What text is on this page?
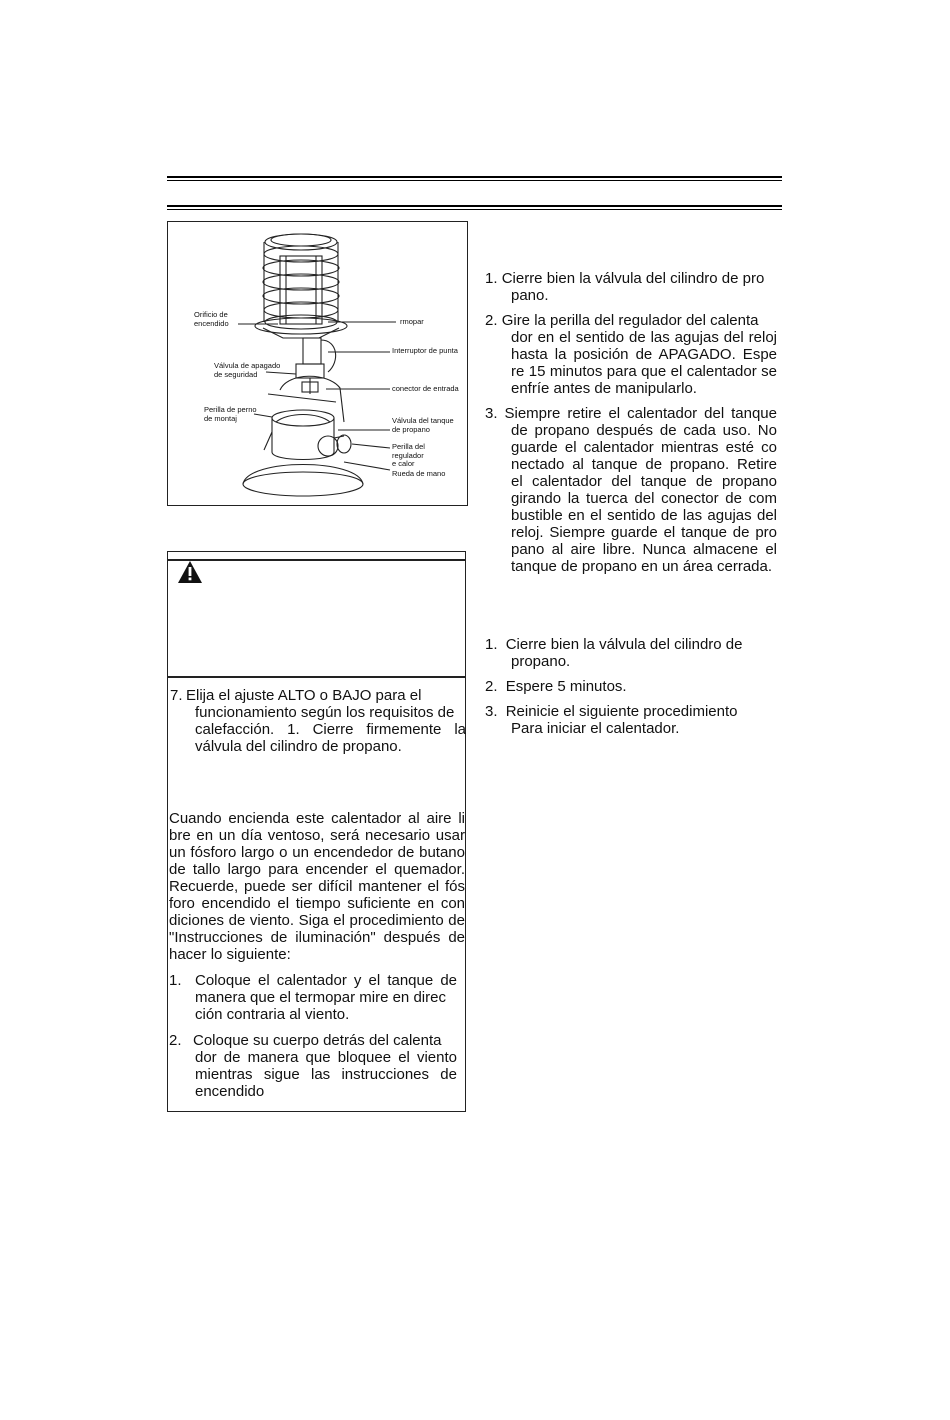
Orificio de
encendido	rmopar
Interruptor de punta
Válvula de apagado
de seguridad
conector de entrada
Perilla de perno
de montaj	Válvula del tanque
de propano
Perilla del
regulador
e calor
Rueda de mano
7. Elija el ajuste ALTO o BAJO para el
funcionamiento según los requisitos de
calefacción. 1. Cierre firmemente la
válvula del cilindro de propano.
Cuando encienda este calentador al aire li
bre en un día ventoso, será necesario usar
un fósforo largo o un encendedor de butano
de tallo largo para encender el quemador.
Recuerde, puede ser difícil mantener el fós
foro encendido el tiempo suficiente en con
diciones de viento. Siga el procedimiento de
"Instrucciones de iluminación" después de
hacer lo siguiente:
1. Coloque el calentador y el tanque de
manera que el termopar mire en direc
ción contraria al viento.
2. Coloque su cuerpo detrás del calenta
dor de manera que bloquee el viento
mientras sigue las instrucciones de
encendido
1. Cierre bien la válvula del cilindro de pro
pano.
2. Gire la perilla del regulador del calenta
dor en el sentido de las agujas del reloj
hasta la posición de APAGADO. Espe
re 15 minutos para que el calentador se
enfríe antes de manipularlo.
3. Siempre retire el calentador del tanque
de propano después de cada uso. No
guarde el calentador mientras esté co
nectado al tanque de propano. Retire
el calentador del tanque de propano
girando la tuerca del conector de com
bustible en el sentido de las agujas del
reloj. Siempre guarde el tanque de pro
pano al aire libre. Nunca almacene el
tanque de propano en un área cerrada.
1. Cierre bien la válvula del cilindro de
propano.
2. Espere 5 minutos.
3. Reinicie el siguiente procedimiento
Para iniciar el calentador.
